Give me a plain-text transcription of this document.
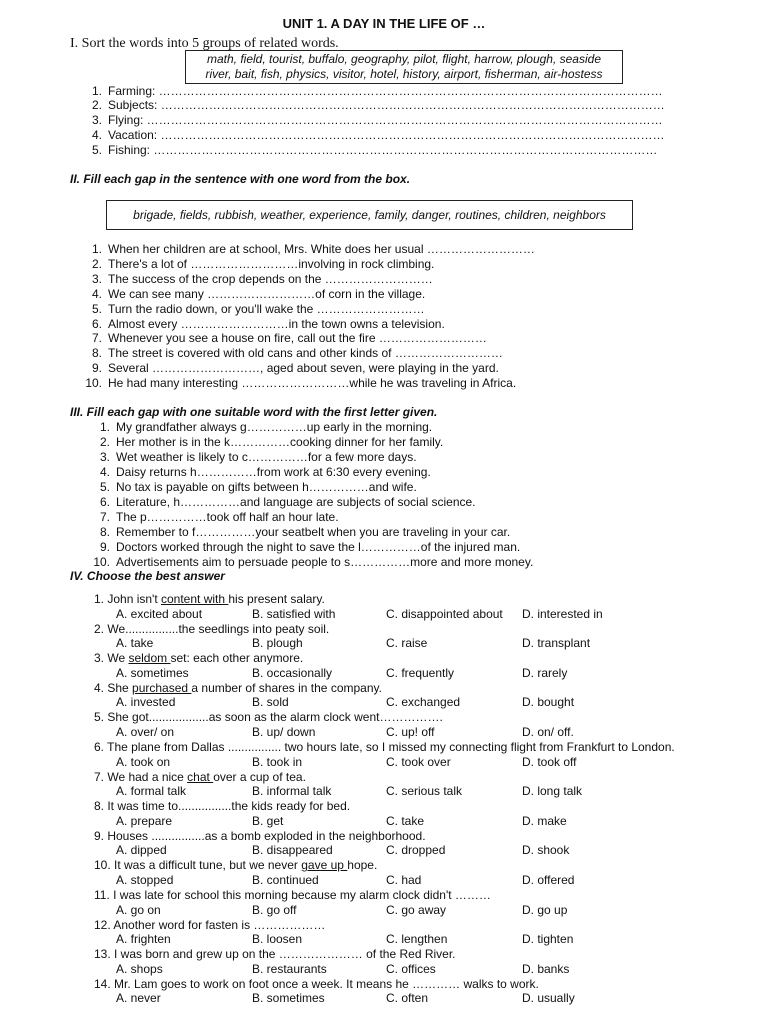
UNIT 1. A DAY IN THE LIFE OF …
I. Sort the words into 5 groups of related words.
math, field, tourist, buffalo, geography, pilot, flight, harrow, plough, seaside
river, bait, fish, physics, visitor, hotel, history, airport, fisherman, air-hostess
1. Farming: ………………………………………………………………………………………………………………
2. Subjects: ………………………………………………………………………………………………………………
3. Flying: …………………………………………………………………………………………………………………
4. Vacation: ………………………………………………………………………………………………………………
5. Fishing: ………………………………………………………………………………………………………………
II. Fill each gap in the sentence with one word from the box.
brigade, fields, rubbish, weather, experience, family, danger, routines, children, neighbors
1. When her children are at school, Mrs. White does her usual ………………………
2. There's a lot of ………………………involving in rock climbing.
3. The success of the crop depends on the ………………………
4. We can see many ………………………of corn in the village.
5. Turn the radio down, or you'll wake the ………………………
6. Almost every ………………………in the town owns a television.
7. Whenever you see a house on fire, call out the fire ………………………
8. The street is covered with old cans and other kinds of ………………………
9. Several ………………………, aged about seven, were playing in the yard.
10. He had many interesting ………………………while he was traveling in Africa.
III. Fill each gap with one suitable word with the first letter given.
1. My grandfather always g……………up early in the morning.
2. Her mother is in the k……………cooking dinner for her family.
3. Wet weather is likely to c……………for a few more days.
4. Daisy returns h……………from work at 6:30 every evening.
5. No tax is payable on gifts between h……………and wife.
6. Literature, h……………and language are subjects of social science.
7. The p……………took off half an hour late.
8. Remember to f……………your seatbelt when you are traveling in your car.
9. Doctors worked through the night to save the l……………of the injured man.
10. Advertisements aim to persuade people to s……………more and more money.
IV. Choose the best answer
1. John isn't content with his present salary.
A. excited about	B. satisfied with	C. disappointed about D. interested in
2. We................the seedlings into peaty soil.
A. take	B. plough	C. raise	D. transplant
3. We seldom set: each other anymore.
A. sometimes	B. occasionally	C. frequently	D. rarely
4. She purchased a number of shares in the company.
A. invested	B. sold	C. exchanged	D. bought
5. She got..................as soon as the alarm clock went…………….
A. over/ on	B. up/ down	C. up! off	D. on/ off.
6. The plane from Dallas ................ two hours late, so I missed my connecting flight from Frankfurt to London.
A. took on	B. took in	C. took over	D. took off
7. We had a nice chat over a cup of tea.
A. formal talk	B. informal talk	C. serious talk	D. long talk
8. It was time to................the kids ready for bed.
A. prepare	B. get	C. take	D. make
9. Houses ................as a bomb exploded in the neighborhood.
A. dipped	B. disappeared	C. dropped	D. shook
10. It was a difficult tune, but we never gave up hope.
A. stopped	B. continued	C. had	D. offered
11. I was late for school this morning because my alarm clock didn't ………
A. go on	B. go off	C. go away	D. go up
12. Another word for fasten is ………………
A. frighten	B. loosen	C. lengthen	D. tighten
13. I was born and grew up on the ………………… of the Red River.
A. shops	B. restaurants	C. offices	D. banks
14. Mr. Lam goes to work on foot once a week. It means he ………… walks to work.
A. never	B. sometimes	C. often	D. usually
